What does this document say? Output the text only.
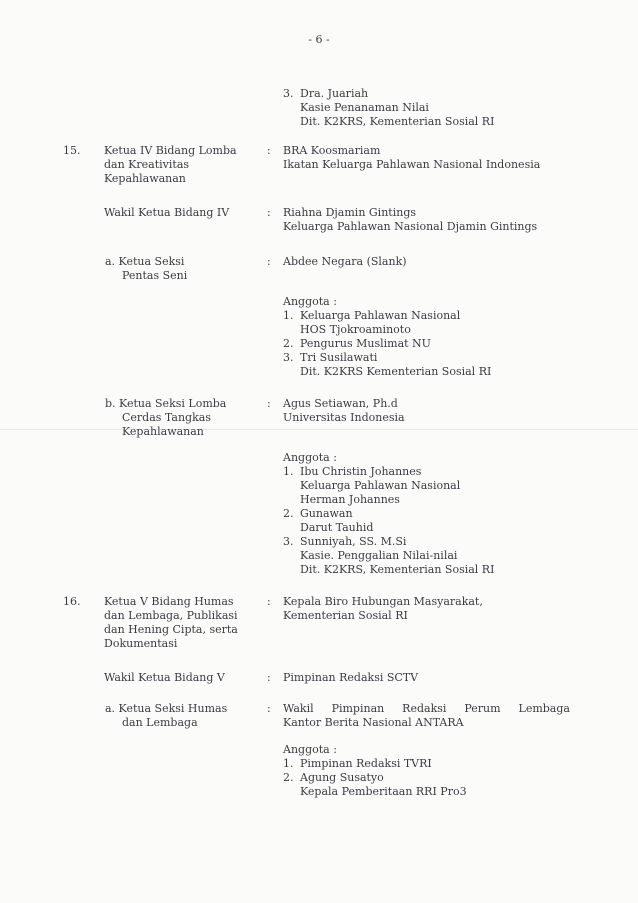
- 6 -
3. Dra. Juariah
Kasie Penanaman Nilai
Dit. K2KRS, Kementerian Sosial RI
15. Ketua IV Bidang Lomba
dan Kreativitas
Kepahlawanan
: BRA Koosmariam
Ikatan Keluarga Pahlawan Nasional Indonesia
Wakil Ketua Bidang IV	: Riahna Djamin Gintings
Keluarga Pahlawan Nasional Djamin Gintings
a. Ketua Seksi
Pentas Seni
: Abdee Negara (Slank)
Anggota :
1. Keluarga Pahlawan Nasional
HOS Tjokroaminoto
2. Pengurus Muslimat NU
3. Tri Susilawati
Dit. K2KRS Kementerian Sosial RI
b. Ketua Seksi Lomba
Cerdas Tangkas
Kepahlawanan
: Agus Setiawan, Ph.d
Universitas Indonesia
Anggota :
1. Ibu Christin Johannes
Keluarga Pahlawan Nasional
Herman Johannes
2. Gunawan
Darut Tauhid
3. Sunniyah, SS. M.Si
Kasie. Penggalian Nilai-nilai
Dit. K2KRS, Kementerian Sosial RI
16. Ketua V Bidang Humas
dan Lembaga, Publikasi
dan Hening Cipta, serta
Dokumentasi
: Kepala Biro Hubungan Masyarakat,
Kementerian Sosial RI
Wakil Ketua Bidang V	: Pimpinan Redaksi SCTV
a. Ketua Seksi Humas
dan Lembaga
: Wakil Pimpinan Redaksi Perum Lembaga
Kantor Berita Nasional ANTARA
Anggota :
1. Pimpinan Redaksi TVRI
2. Agung Susatyo
Kepala Pemberitaan RRI Pro3
